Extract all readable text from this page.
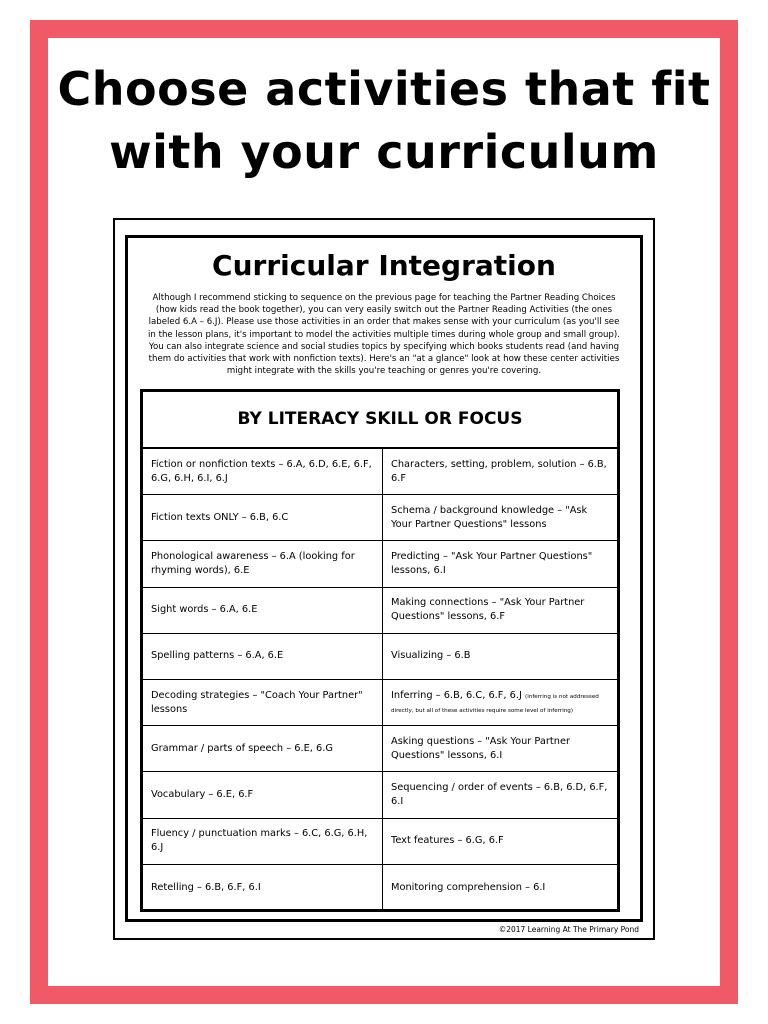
Choose activities that fit with your curriculum
Curricular Integration
Although I recommend sticking to sequence on the previous page for teaching the Partner Reading Choices (how kids read the book together), you can very easily switch out the Partner Reading Activities (the ones labeled 6.A – 6.J). Please use those activities in an order that makes sense with your curriculum (as you'll see in the lesson plans, it's important to model the activities multiple times during whole group and small group). You can also integrate science and social studies topics by specifying which books students read (and having them do activities that work with nonfiction texts). Here's an "at a glance" look at how these center activities might integrate with the skills you're teaching or genres you're covering.
BY LITERACY SKILL OR FOCUS
Fiction or nonfiction texts – 6.A, 6.D, 6.E, 6.F, 6.G, 6.H, 6.I, 6.J
Characters, setting, problem, solution – 6.B, 6.F
Fiction texts ONLY – 6.B, 6.C
Schema / background knowledge – "Ask Your Partner Questions" lessons
Phonological awareness – 6.A (looking for rhyming words), 6.E
Predicting – "Ask Your Partner Questions" lessons, 6.I
Sight words – 6.A, 6.E
Making connections – "Ask Your Partner Questions" lessons, 6.F
Spelling patterns – 6.A, 6.E	Visualizing – 6.B
Decoding strategies – "Coach Your Partner" lessons
Inferring – 6.B, 6.C, 6.F, 6.J (inferring is not addressed directly, but all of these activities require some level of inferring)
Grammar / parts of speech – 6.E, 6.G
Asking questions – "Ask Your Partner Questions" lessons, 6.I
Vocabulary – 6.E, 6.F
Sequencing / order of events – 6.B, 6.D, 6.F, 6.I
Fluency / punctuation marks – 6.C, 6.G, 6.H, 6.J
Text features – 6.G, 6.F
Retelling – 6.B, 6.F, 6.I	Monitoring comprehension – 6.I
©2017 Learning At The Primary Pond
